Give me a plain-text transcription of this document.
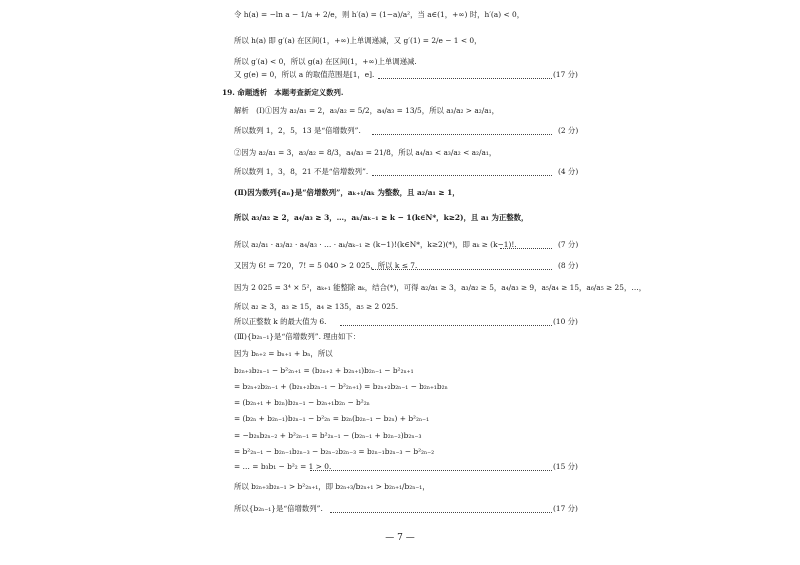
令 h(a) = −ln a − 1/a + 2/e，则 h′(a) = (1−a)/a²，当 a∈(1，+∞) 时，h′(a) < 0，
所以 h(a) 即 g′(a) 在区间(1，+∞)上单调递减，又 g′(1) = 2/e − 1 < 0，
所以 g′(a) < 0，所以 g(a) 在区间(1，+∞)上单调递减.
又 g(e) = 0，所以 a 的取值范围是[1，e].	(17 分)
19. 命题透析　本题考查新定义数列.
解析　(Ⅰ)①因为 a₂/a₁ = 2，a₃/a₂ = 5/2，a₄/a₃ = 13/5，所以 a₃/a₂ > a₂/a₁，
所以数列 1，2，5，13 是“倍增数列”.	(2 分)
②因为 a₂/a₁ = 3，a₃/a₂ = 8/3，a₄/a₃ = 21/8，所以 a₄/a₃ < a₃/a₂ < a₂/a₁，
所以数列 1，3，8，21 不是“倍增数列”.	(4 分)
(Ⅱ)因为数列{aₙ}是“倍增数列”，aₖ₊₁/aₖ 为整数，且 a₂/a₁ ≥ 1，
所以 a₃/a₂ ≥ 2，a₄/a₃ ≥ 3，…，aₖ/aₖ₋₁ ≥ k − 1(k∈N*，k≥2)，且 a₁ 为正整数，
所以 a₂/a₁ · a₃/a₂ · a₄/a₃ · … · aₖ/aₖ₋₁ ≥ (k−1)!(k∈N*，k≥2)(*)，即 aₖ ≥ (k−1)!.	(7 分)
又因为 6! = 720，7! = 5 040 > 2 025，所以 k ≤ 7.	(8 分)
因为 2 025 = 3⁴ × 5²，aₖ₊₁ 能整除 aₖ，结合(*)，可得 a₂/a₁ ≥ 3，a₃/a₂ ≥ 5，a₄/a₃ ≥ 9，a₅/a₄ ≥ 15，a₆/a₅ ≥ 25，…，
所以 a₂ ≥ 3，a₃ ≥ 15，a₄ ≥ 135，a₅ ≥ 2 025.
所以正整数 k 的最大值为 6.	(10 分)
(Ⅲ){b₂ₙ₋₁}是“倍增数列”. 理由如下：
因为 bₙ₊₂ = bₙ₊₁ + bₙ，所以
b₂ₙ₊₃b₂ₙ₋₁ − b²₂ₙ₊₁ = (b₂ₙ₊₂ + b₂ₙ₊₁)b₂ₙ₋₁ − b²₂ₙ₊₁
= b₂ₙ₊₂b₂ₙ₋₁ + (b₂ₙ₊₂b₂ₙ₋₁ − b²₂ₙ₊₁) = b₂ₙ₊₂b₂ₙ₋₁ − b₂ₙ₊₁b₂ₙ
= (b₂ₙ₊₁ + b₂ₙ)b₂ₙ₋₁ − b₂ₙ₊₁b₂ₙ − b²₂ₙ
= (b₂ₙ + b₂ₙ₋₁)b₂ₙ₋₁ − b²₂ₙ = b₂ₙ(b₂ₙ₋₁ − b₂ₙ) + b²₂ₙ₋₁
= −b₂ₙb₂ₙ₋₂ + b²₂ₙ₋₁ = b²₂ₙ₋₁ − (b₂ₙ₋₁ + b₂ₙ₋₂)b₂ₙ₋₃
= b²₂ₙ₋₁ − b₂ₙ₋₁b₂ₙ₋₃ − b₂ₙ₋₂b₂ₙ₋₃ = b₂ₙ₋₁b₂ₙ₋₃ − b²₂ₙ₋₂
= … = b₃b₁ − b²₂ = 1 > 0.	(15 分)
所以 b₂ₙ₊₃b₂ₙ₋₁ > b²₂ₙ₊₁，即 b₂ₙ₊₃/b₂ₙ₊₁ > b₂ₙ₊₁/b₂ₙ₋₁，
所以{b₂ₙ₋₁}是“倍增数列”.	(17 分)
— 7 —
